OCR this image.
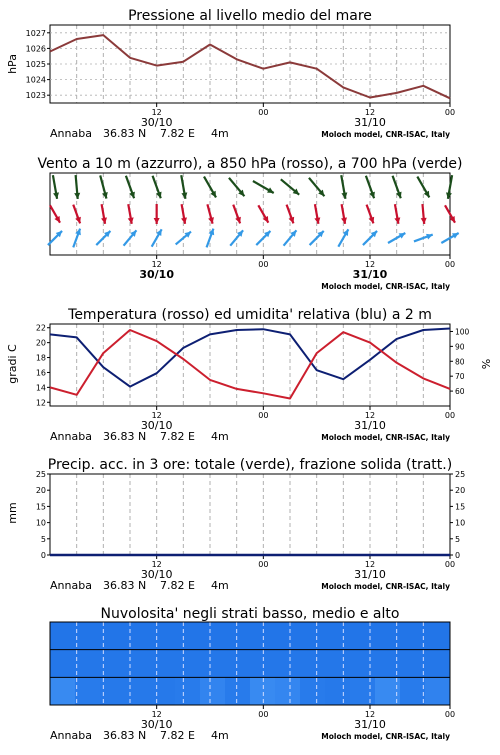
Pressione al livello medio del mare
Vento a 10 m (azzurro), a 850 hPa (rosso), a 700 hPa (verde)
Temperatura (rosso) ed umidita' relativa (blu) a 2 m
Precip. acc. in 3 ore: totale (verde), frazione solida (tratt.)
Nuvolosita' negli strati basso, medio e alto
hPa
gradi C	%
mm
12	00	12	00
30/10	31/10
Annaba 36.83 N 7.82 E 4m	Moloch model, CNR-ISAC, Italy
1023
1024
1025
1026
1027
12	00	12	00
30/10	31/10
Moloch model, CNR-ISAC, Italy
12	00	12	00
30/10	31/10
Annaba 36.83 N 7.82 E 4m	Moloch model, CNR-ISAC, Italy
12
14
16
18
20
22
60
70
80
90
100
12	00	12	00
30/10	31/10
Annaba 36.83 N 7.82 E 4m	Moloch model, CNR-ISAC, Italy
0
5
10
15
20
25
0
5
10
15
20
25
12	00	12	00
30/10	31/10
Annaba 36.83 N 7.82 E 4m	Moloch model, CNR-ISAC, Italy
